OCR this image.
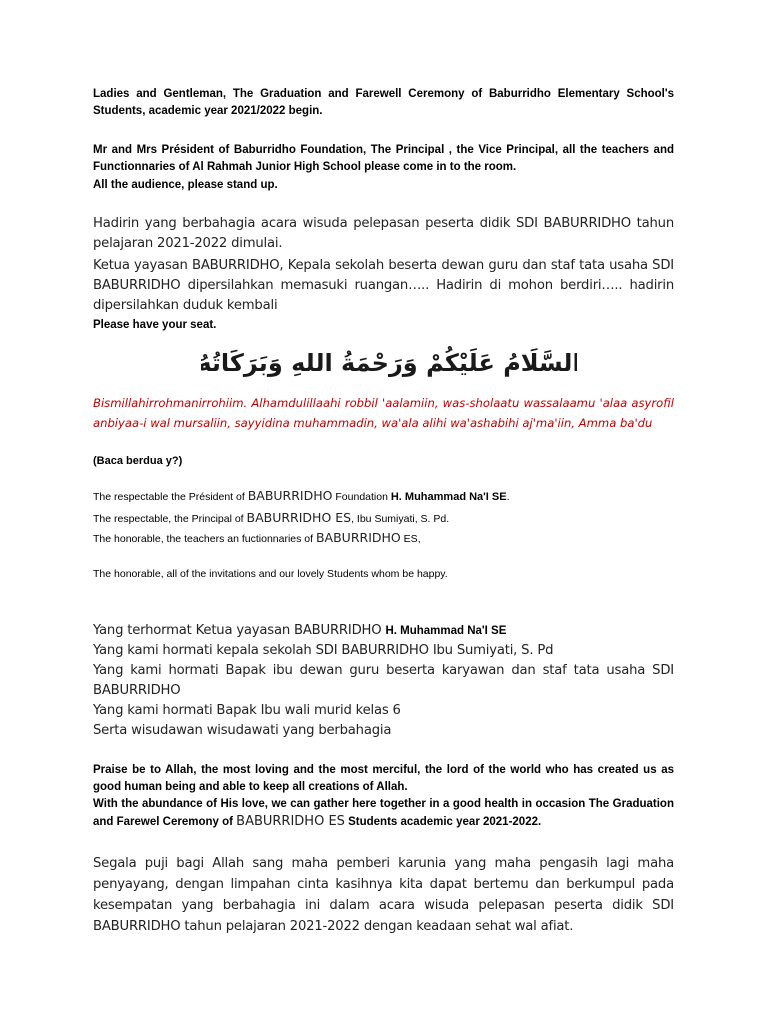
Ladies and Gentleman, The Graduation and Farewell Ceremony of Baburridho Elementary School's Students, academic year 2021/2022 begin.
Mr and Mrs Président of Baburridho Foundation, The Principal , the Vice Principal, all the teachers and Functionnaries of Al Rahmah Junior High School please come in to the room.
All the audience, please stand up.
Hadirin yang berbahagia acara wisuda pelepasan peserta didik SDI BABURRIDHO tahun pelajaran 2021-2022 dimulai.
Ketua yayasan BABURRIDHO, Kepala sekolah beserta dewan guru dan staf tata usaha SDI BABURRIDHO dipersilahkan memasuki ruangan….. Hadirin di mohon berdiri….. hadirin dipersilahkan duduk kembali
Please have your seat.
السَّلَامُ عَلَيْكُمْ وَرَحْمَةُ اللهِ وَبَرَكَاتُهُ
Bismillahirrohmanirrohiim. Alhamdulillaahi robbil 'aalamiin, was-sholaatu wassalaamu 'alaa asyrofil anbiyaa-i wal mursaliin, sayyidina muhammadin, wa'ala alihi wa'ashabihi aj'ma'iin, Amma ba'du
(Baca berdua y?)
The respectable the Président of BABURRIDHO Foundation H. Muhammad Na'I SE.
The respectable, the Principal of BABURRIDHO ES, Ibu Sumiyati, S. Pd.
The honorable, the teachers an fuctionnaries of BABURRIDHO ES,
The honorable, all of the invitations and our lovely Students whom be happy.
Yang terhormat Ketua yayasan BABURRIDHO H. Muhammad Na'I SE
Yang kami hormati kepala sekolah SDI BABURRIDHO Ibu Sumiyati, S. Pd
Yang kami hormati Bapak ibu dewan guru beserta karyawan dan staf tata usaha SDI BABURRIDHO
Yang kami hormati Bapak Ibu wali murid kelas 6
Serta wisudawan wisudawati yang berbahagia
Praise be to Allah, the most loving and the most merciful, the lord of the world who has created us as good human being and able to keep all creations of Allah.
With the abundance of His love, we can gather here together in a good health in occasion The Graduation and Farewel Ceremony of BABURRIDHO ES Students academic year 2021-2022.
Segala puji bagi Allah sang maha pemberi karunia yang maha pengasih lagi maha penyayang, dengan limpahan cinta kasihnya kita dapat bertemu dan berkumpul pada kesempatan yang berbahagia ini dalam acara wisuda pelepasan peserta didik SDI BABURRIDHO tahun pelajaran 2021-2022 dengan keadaan sehat wal afiat.
